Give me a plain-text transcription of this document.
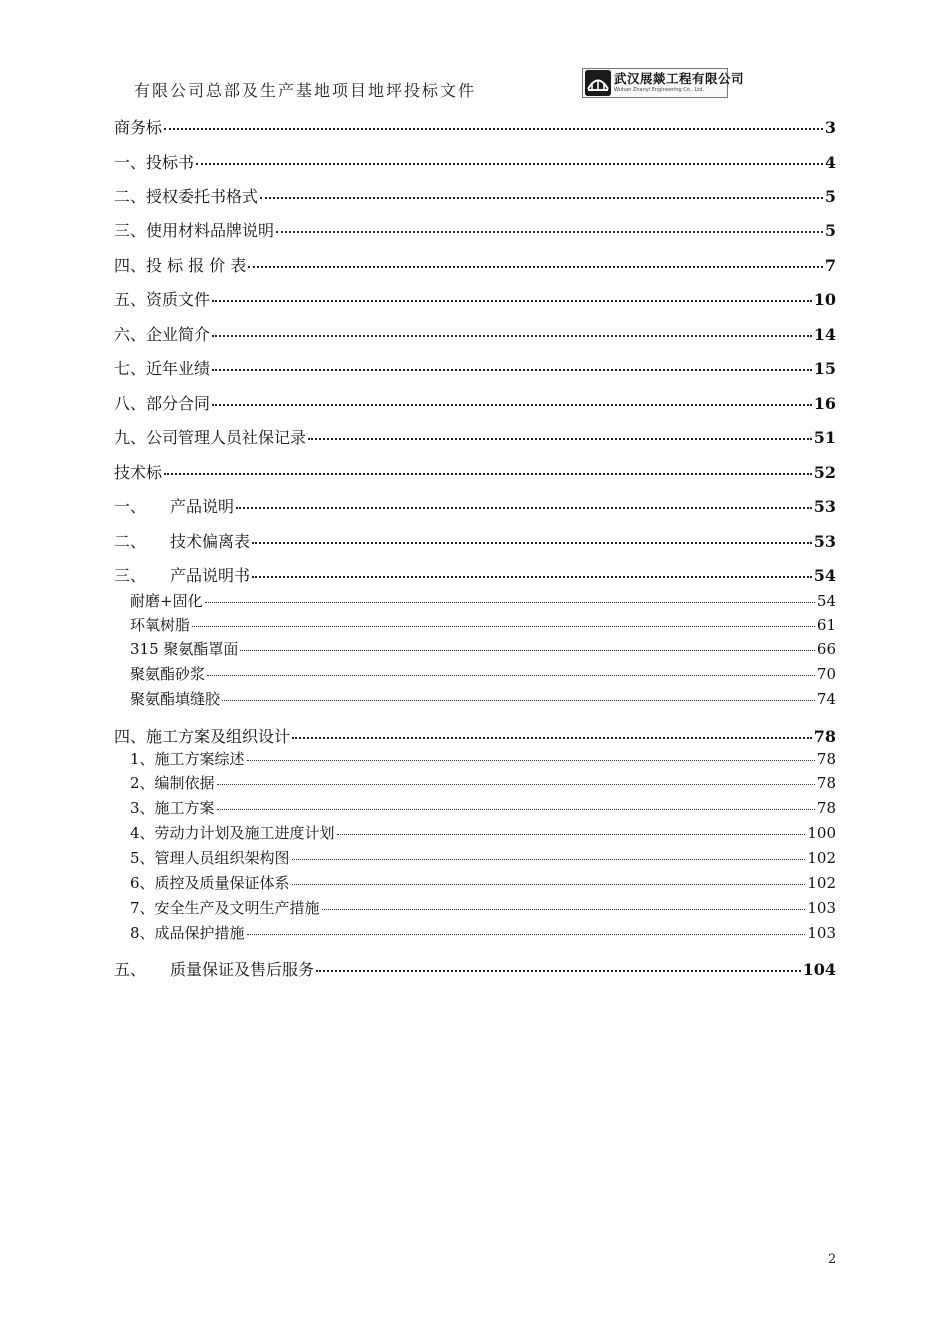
有限公司总部及生产基地项目地坪投标文件
武汉展燚工程有限公司
Wuhan Zhanyi Engineering Co., Ltd.
商务标	3
一、投标书	4
二、授权委托书格式	5
三、使用材料品牌说明	5
四、投 标 报 价 表	7
五、资质文件	10
六、企业简介	14
七、近年业绩	15
八、部分合同	16
九、公司管理人员社保记录	51
技术标	52
一、　　产品说明	53
二、　　技术偏离表	53
三、　　产品说明书	54
耐磨+固化	54
环氧树脂	61
315 聚氨酯罩面	66
聚氨酯砂浆	70
聚氨酯填缝胶	74
四、施工方案及组织设计	78
1、施工方案综述	78
2、编制依据	78
3、施工方案	78
4、劳动力计划及施工进度计划	100
5、管理人员组织架构图	102
6、质控及质量保证体系	102
7、安全生产及文明生产措施	103
8、成品保护措施	103
五、　　质量保证及售后服务	104
2
